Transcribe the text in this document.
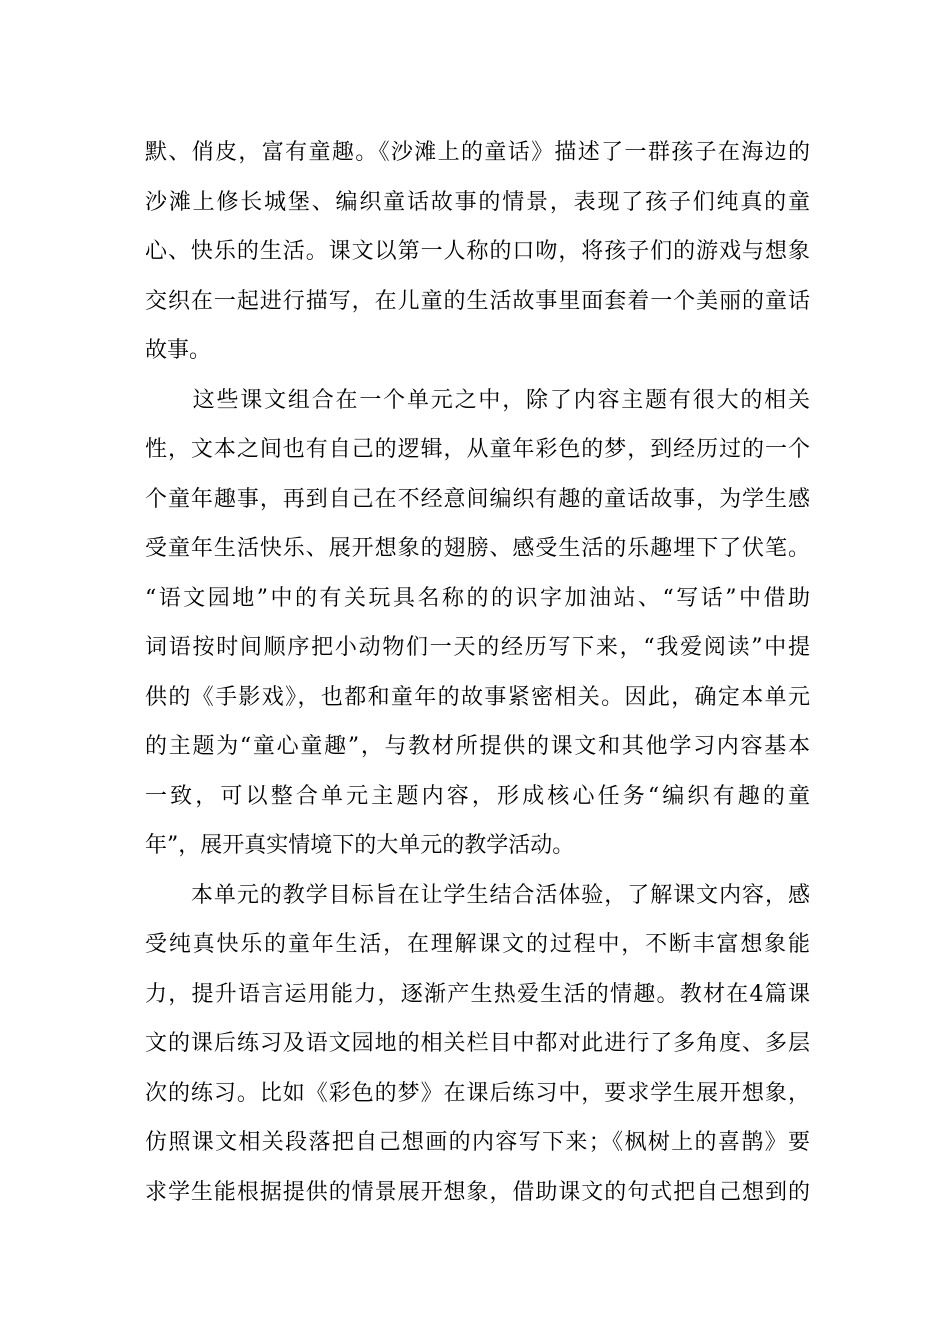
默、俏皮，富有童趣。《沙滩上的童话》描述了一群孩子在海边的
沙滩上修长城堡、编织童话故事的情景，表现了孩子们纯真的童
心、快乐的生活。课文以第一人称的口吻，将孩子们的游戏与想象
交织在一起进行描写，在儿童的生活故事里面套着一个美丽的童话
故事。
　　这些课文组合在一个单元之中，除了内容主题有很大的相关
性，文本之间也有自己的逻辑，从童年彩色的梦，到经历过的一个
个童年趣事，再到自己在不经意间编织有趣的童话故事，为学生感
受童年生活快乐、展开想象的翅膀、感受生活的乐趣埋下了伏笔。
“语文园地”中的有关玩具名称的的识字加油站、“写话”中借助
词语按时间顺序把小动物们一天的经历写下来，“我爱阅读”中提
供的《手影戏》，也都和童年的故事紧密相关。因此，确定本单元
的主题为“童心童趣”，与教材所提供的课文和其他学习内容基本
一致，可以整合单元主题内容，形成核心任务“编织有趣的童
年”，展开真实情境下的大单元的教学活动。
　　本单元的教学目标旨在让学生结合活体验，了解课文内容，感
受纯真快乐的童年生活，在理解课文的过程中，不断丰富想象能
力，提升语言运用能力，逐渐产生热爱生活的情趣。教材在4篇课
文的课后练习及语文园地的相关栏目中都对此进行了多角度、多层
次的练习。比如《彩色的梦》在课后练习中，要求学生展开想象，
仿照课文相关段落把自己想画的内容写下来；《枫树上的喜鹊》要
求学生能根据提供的情景展开想象，借助课文的句式把自己想到的
